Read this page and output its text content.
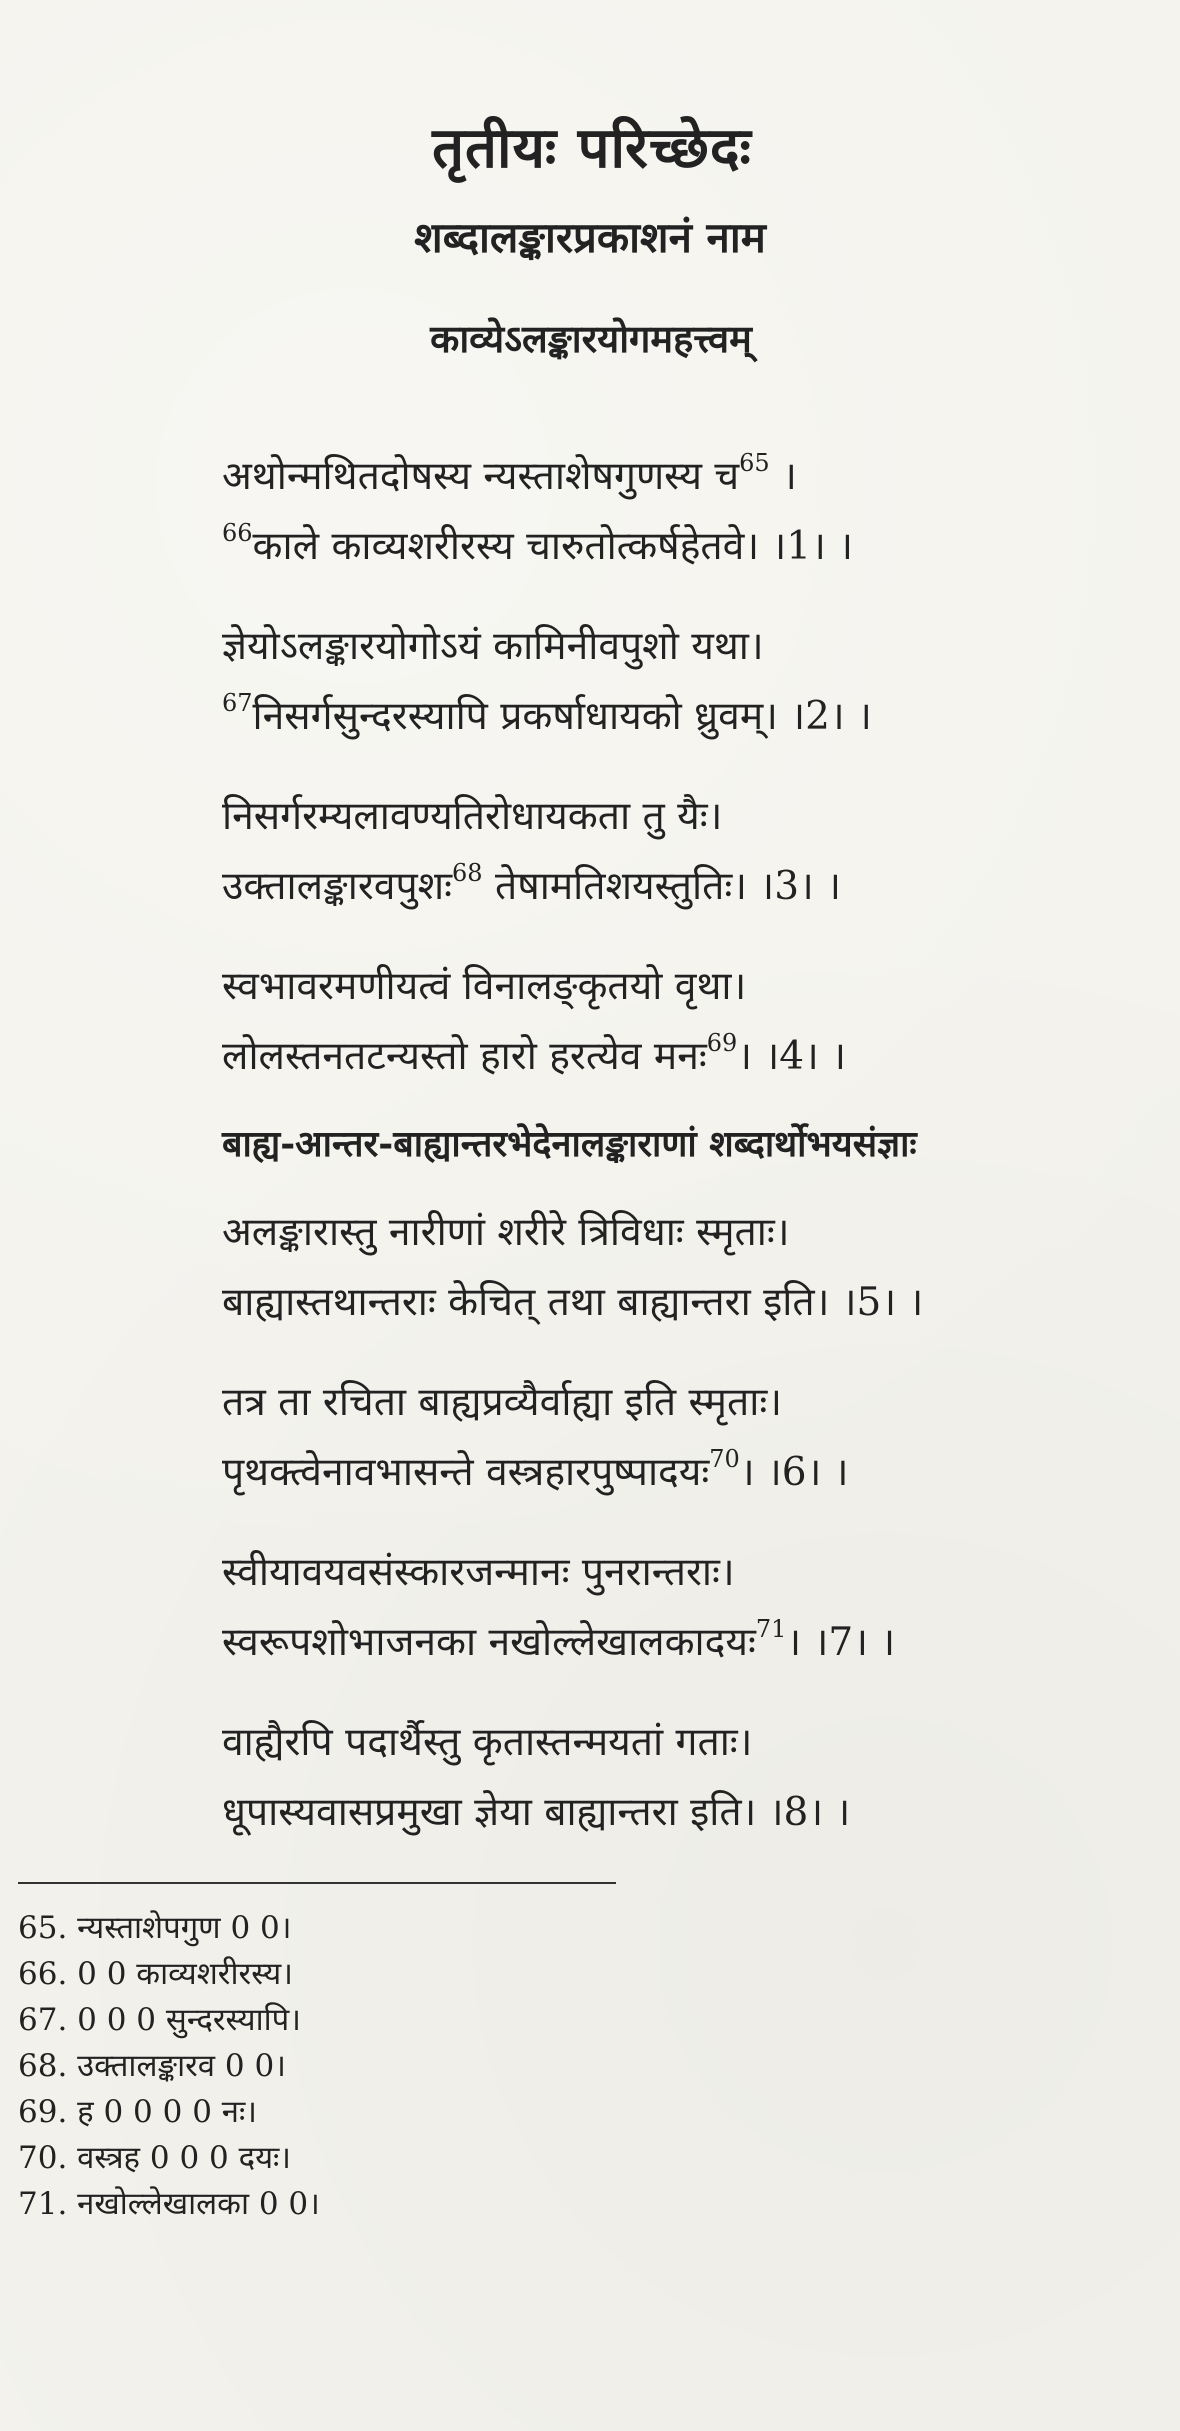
तृतीयः परिच्छेदः
शब्दालङ्कारप्रकाशनं नाम
काव्येऽलङ्कारयोगमहत्त्वम्
अथोन्मथितदोषस्य न्यस्ताशेषगुणस्य च$^{65}$ ।
$^{66}$काले काव्यशरीरस्य चारुतोत्कर्षहेतवे। ।1। ।
ज्ञेयोऽलङ्कारयोगोऽयं कामिनीवपुशो यथा।
$^{67}$निसर्गसुन्दरस्यापि प्रकर्षाधायको ध्रुवम्। ।2। ।
निसर्गरम्यलावण्यतिरोधायकता तु यैः।
उक्तालङ्कारवपुशः$^{68}$ तेषामतिशयस्तुतिः। ।3। ।
स्वभावरमणीयत्वं विनालङ्कृतयो वृथा।
लोलस्तनतटन्यस्तो हारो हरत्येव मनः$^{69}$। ।4। ।
बाह्य-आन्तर-बाह्यान्तरभेदेनालङ्काराणां शब्दार्थोभयसंज्ञाः
अलङ्कारास्तु नारीणां शरीरे त्रिविधाः स्मृताः।
बाह्यास्तथान्तराः केचित् तथा बाह्यान्तरा इति। ।5। ।
तत्र ता रचिता बाह्यप्रव्यैर्वाह्या इति स्मृताः।
पृथक्त्वेनावभासन्ते वस्त्रहारपुष्पादयः$^{70}$। ।6। ।
स्वीयावयवसंस्कारजन्मानः पुनरान्तराः।
स्वरूपशोभाजनका नखोल्लेखालकादयः$^{71}$। ।7। ।
वाह्यैरपि पदार्थैस्तु कृतास्तन्मयतां गताः।
धूपास्यवासप्रमुखा ज्ञेया बाह्यान्तरा इति। ।8। ।
65. न्यस्ताशेपगुण 0 0।
66. 0 0 काव्यशरीरस्य।
67. 0 0 0 सुन्दरस्यापि।
68. उक्तालङ्कारव 0 0।
69. ह 0 0 0 0 नः।
70. वस्त्रह 0 0 0 दयः।
71. नखोल्लेखालका 0 0।
